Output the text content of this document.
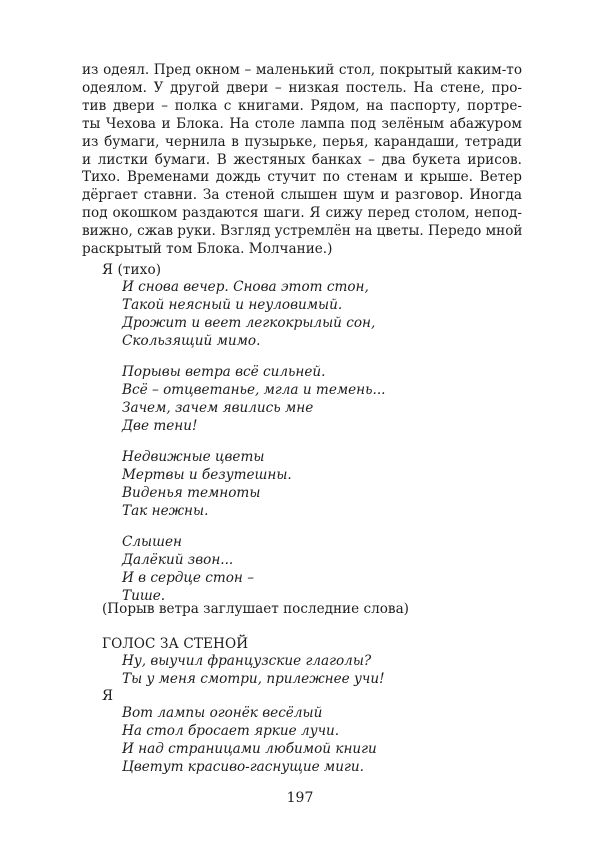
из одеял. Пред окном – маленький стол, покрытый каким-то
одеялом. У другой двери – низкая постель. На стене, про-
тив двери – полка с книгами. Рядом, на паспорту, портре-
ты Чехова и Блока. На столе лампа под зелёным абажуром
из бумаги, чернила в пузырьке, перья, карандаши, тетради
и листки бумаги. В жестяных банках – два букета ирисов.
Тихо. Временами дождь стучит по стенам и крыше. Ветер
дёргает ставни. За стеной слышен шум и разговор. Иногда
под окошком раздаются шаги. Я сижу перед столом, непод-
вижно, сжав руки. Взгляд устремлён на цветы. Передо мной
раскрытый том Блока. Молчание.)
Я (тихо)
И снова вечер. Снова этот стон,
Такой неясный и неуловимый.
Дрожит и веет легкокрылый сон,
Скользящий мимо.
Порывы ветра всё сильней.
Всё – отцветанье, мгла и темень...
Зачем, зачем явились мне
Две тени!
Недвижные цветы
Мертвы и безутешны.
Виденья темноты
Так нежны.
Слышен
Далёкий звон...
И в сердце стон –
Тише.
(Порыв ветра заглушает последние слова)
ГОЛОС ЗА СТЕНОЙ
Ну, выучил французские глаголы?
Ты у меня смотри, прилежнее учи!
Я
Вот лампы огонёк весёлый
На стол бросает яркие лучи.
И над страницами любимой книги
Цветут красиво-гаснущие миги.
197
